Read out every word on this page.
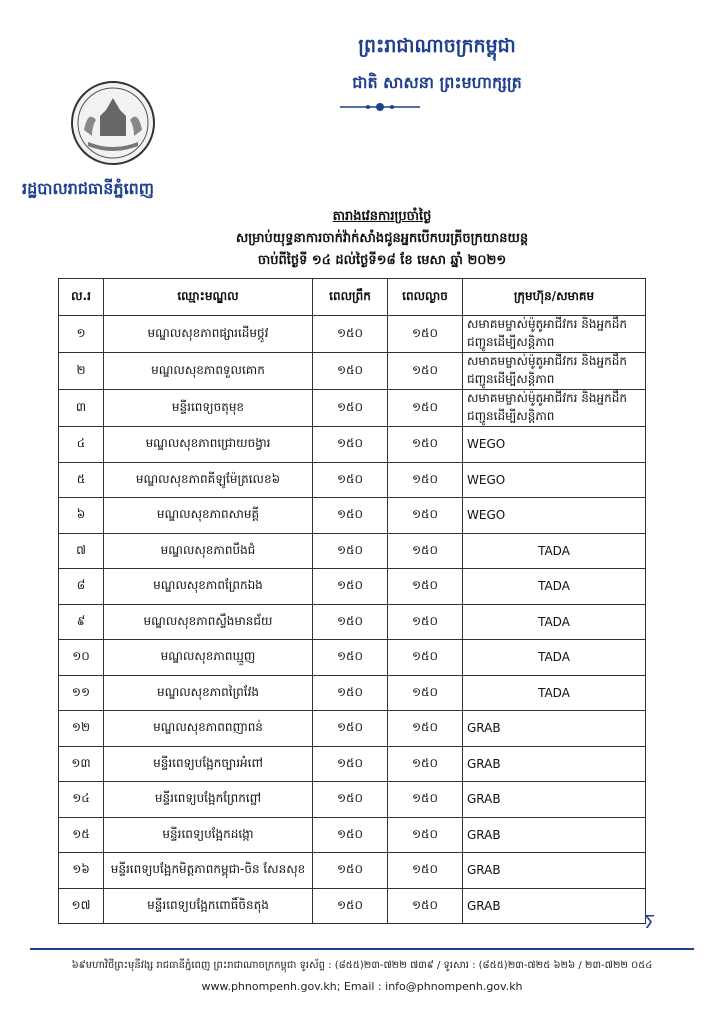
ព្រះរាជាណាចក្រកម្ពុជា
ជាតិ សាសនា ព្រះមហាក្សត្រ
រដ្ឋបាលរាជធានីភ្នំពេញ
តារាងវេនការប្រចាំថ្ងៃ
សម្រាប់យុទ្ធនាការចាក់វ៉ាក់សាំងជូនអ្នកបើកបរត្រីចក្រយានយន្ត
ចាប់ពីថ្ងៃទី ១៤ ដល់ថ្ងៃទី១៨ ខែ មេសា ឆ្នាំ ២០២១
ល.រ	ឈ្មោះមណ្ឌល	ពេលព្រឹក	ពេលល្ងាច	ក្រុមហ៊ុន/សមាគម
១	មណ្ឌលសុខភាពផ្សារដើមថ្កូវ	១៥០	១៥០	សមាគមម្ចាស់ម៉ូតូអាជីវករ និងអ្នកដឹកជញ្ជូនដើម្បីសន្តិភាព
២	មណ្ឌលសុខភាពទួលគោក	១៥០	១៥០	សមាគមម្ចាស់ម៉ូតូអាជីវករ និងអ្នកដឹកជញ្ជូនដើម្បីសន្តិភាព
៣	មន្ទីរពេទ្យចតុមុខ	១៥០	១៥០	សមាគមម្ចាស់ម៉ូតូអាជីវករ និងអ្នកដឹកជញ្ជូនដើម្បីសន្តិភាព
៤	មណ្ឌលសុខភាពជ្រោយចង្វារ	១៥០	១៥០	WEGO
៥	មណ្ឌលសុខភាពគីឡូម៉ែត្រលេខ៦	១៥០	១៥០	WEGO
៦	មណ្ឌលសុខភាពសាមគ្គី	១៥០	១៥០	WEGO
៧	មណ្ឌលសុខភាពបឹងជំ	១៥០	១៥០	TADA
៨	មណ្ឌលសុខភាពព្រែកឯង	១៥០	១៥០	TADA
៩	មណ្ឌលសុខភាពស្ទឹងមានជ័យ	១៥០	១៥០	TADA
១០	មណ្ឌលសុខភាពឃ្មួញ	១៥០	១៥០	TADA
១១	មណ្ឌលសុខភាពព្រៃវែង	១៥០	១៥០	TADA
១២	មណ្ឌលសុខភាពពញាពន់	១៥០	១៥០	GRAB
១៣	មន្ទីរពេទ្យបង្អែកច្បារអំពៅ	១៥០	១៥០	GRAB
១៤	មន្ទីរពេទ្យបង្អែកព្រែកព្នៅ	១៥០	១៥០	GRAB
១៥	មន្ទីរពេទ្យបង្អែកដង្កោ	១៥០	១៥០	GRAB
១៦	មន្ទីរពេទ្យបង្អែកមិត្តភាពកម្ពុជា-ចិន សែនសុខ	១៥០	១៥០	GRAB
១៧	មន្ទីរពេទ្យបង្អែកពោធិ៍ចិនតុង	១៥០	១៥០	GRAB
ⵢ
៦៩មហាវិថីព្រះមុនីវង្ស រាជធានីភ្នំពេញ ព្រះរាជាណាចក្រកម្ពុជា ទូរស័ព្ទ : (៨៥៥)២៣-៧២២ ៧៣៩ / ទូរសារ : (៨៥៥)២៣-៧២៥ ៦២៦ / ២៣-៧២២ ០៥៤
www.phnompenh.gov.kh; Email : info@phnompenh.gov.kh
